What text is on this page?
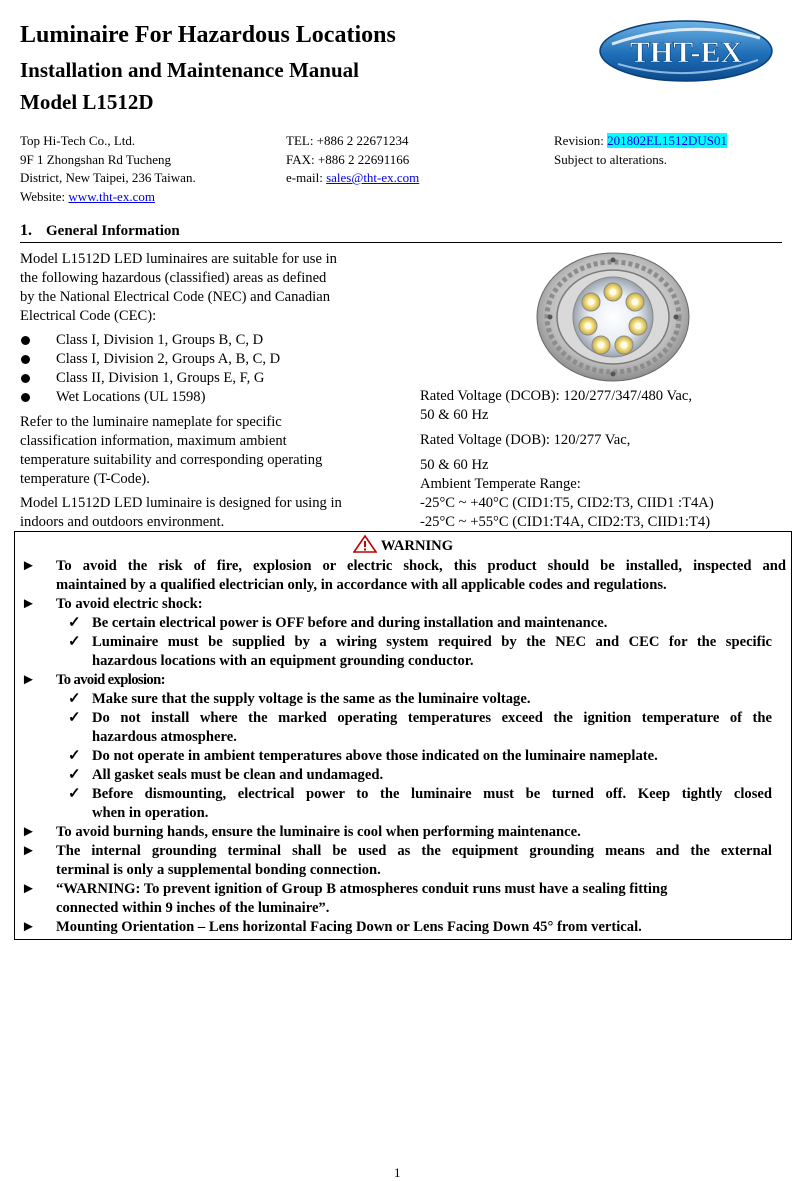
Luminaire For Hazardous Locations
Installation and Maintenance Manual
Model L1512D
THT-EX
Top Hi-Tech Co., Ltd.
9F 1 Zhongshan Rd Tucheng
District, New Taipei, 236 Taiwan.
Website: www.tht-ex.com
TEL: +886 2 22671234
FAX: +886 2 22691166
e-mail: sales@tht-ex.com
Revision: 201802EL1512DUS01
Subject to alterations.
1. General Information

Model L1512D LED luminaires are suitable for use in
the following hazardous (classified) areas as defined
by the National Electrical Code (NEC) and Canadian
Electrical Code (CEC):

Class I, Division 1, Groups B, C, D
Class I, Division 2, Groups A, B, C, D
Class II, Division 1, Groups E, F, G
Wet Locations (UL 1598)

Refer to the luminaire nameplate for specific
classification information, maximum ambient
temperature suitability and corresponding operating
temperature (T-Code).

Model L1512D LED luminaire is designed for using in
indoors and outdoors environment.

Rated Voltage (DCOB): 120/277/347/480 Vac,
50 & 60 Hz
Rated Voltage (DOB): 120/277 Vac,
50 & 60 Hz
Ambient Temperate Range:
-25°C ~ +40°C (CID1:T5, CID2:T3, CIID1 :T4A)
-25°C ~ +55°C (CID1:T4A, CID2:T3, CIID1:T4)
WARNING
► To avoid the risk of fire, explosion or electric shock, this product should be installed, inspected and
maintained by a qualified electrician only, in accordance with all applicable codes and regulations.
► To avoid electric shock:
✓ Be certain electrical power is OFF before and during installation and maintenance.
✓ Luminaire must be supplied by a wiring system required by the NEC and CEC for the specific
hazardous locations with an equipment grounding conductor.
► To avoid explosion:
✓ Make sure that the supply voltage is the same as the luminaire voltage.
✓ Do not install where the marked operating temperatures exceed the ignition temperature of the
hazardous atmosphere.
✓ Do not operate in ambient temperatures above those indicated on the luminaire nameplate.
✓ All gasket seals must be clean and undamaged.
✓ Before dismounting, electrical power to the luminaire must be turned off. Keep tightly closed
when in operation.
► To avoid burning hands, ensure the luminaire is cool when performing maintenance.
► The internal grounding terminal shall be used as the equipment grounding means and the external
terminal is only a supplemental bonding connection.
► “WARNING: To prevent ignition of Group B atmospheres conduit runs must have a sealing fitting
connected within 9 inches of the luminaire”.
► Mounting Orientation – Lens horizontal Facing Down or Lens Facing Down 45° from vertical.
1
